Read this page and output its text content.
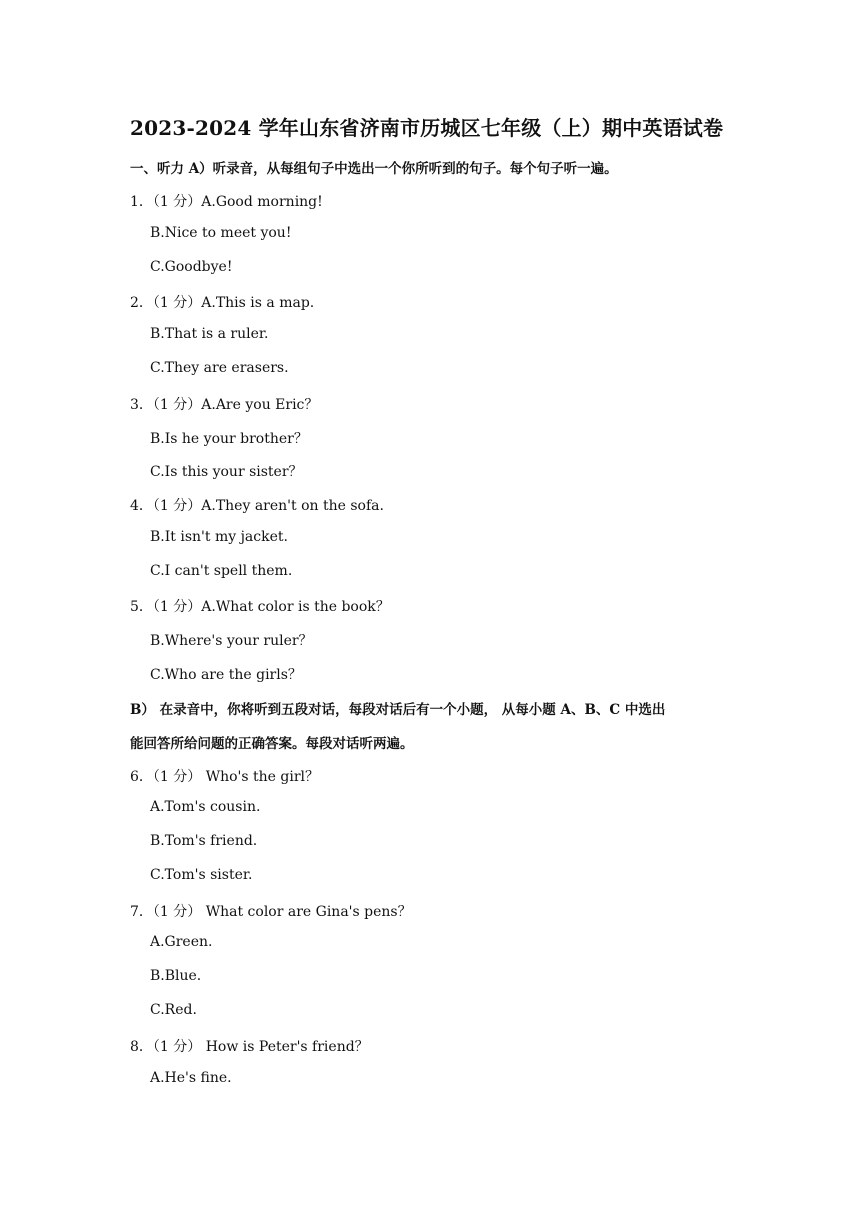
2023-2024 学年山东省济南市历城区七年级（上）期中英语试卷
一、听力 A）听录音，从每组句子中选出一个你所听到的句子。每个句子听一遍。
1．（1 分）A.Good morning!
B.Nice to meet you!
C.Goodbye!
2．（1 分）A.This is a map.
B.That is a ruler.
C.They are erasers.
3．（1 分）A.Are you Eric？
B.Is he your brother？
C.Is this your sister？
4．（1 分）A.They aren't on the sofa.
B.It isn't my jacket.
C.I can't spell them.
5．（1 分）A.What color is the book？
B.Where's your ruler？
C.Who are the girls？
B） 在录音中，你将听到五段对话，每段对话后有一个小题， 从每小题 A、B、C 中选出
能回答所给问题的正确答案。每段对话听两遍。
6．（1 分） Who's the girl？
A.Tom's cousin.
B.Tom's friend.
C.Tom's sister.
7．（1 分） What color are Gina's pens？
A.Green.
B.Blue.
C.Red.
8．（1 分） How is Peter's friend？
A.He's fine.
